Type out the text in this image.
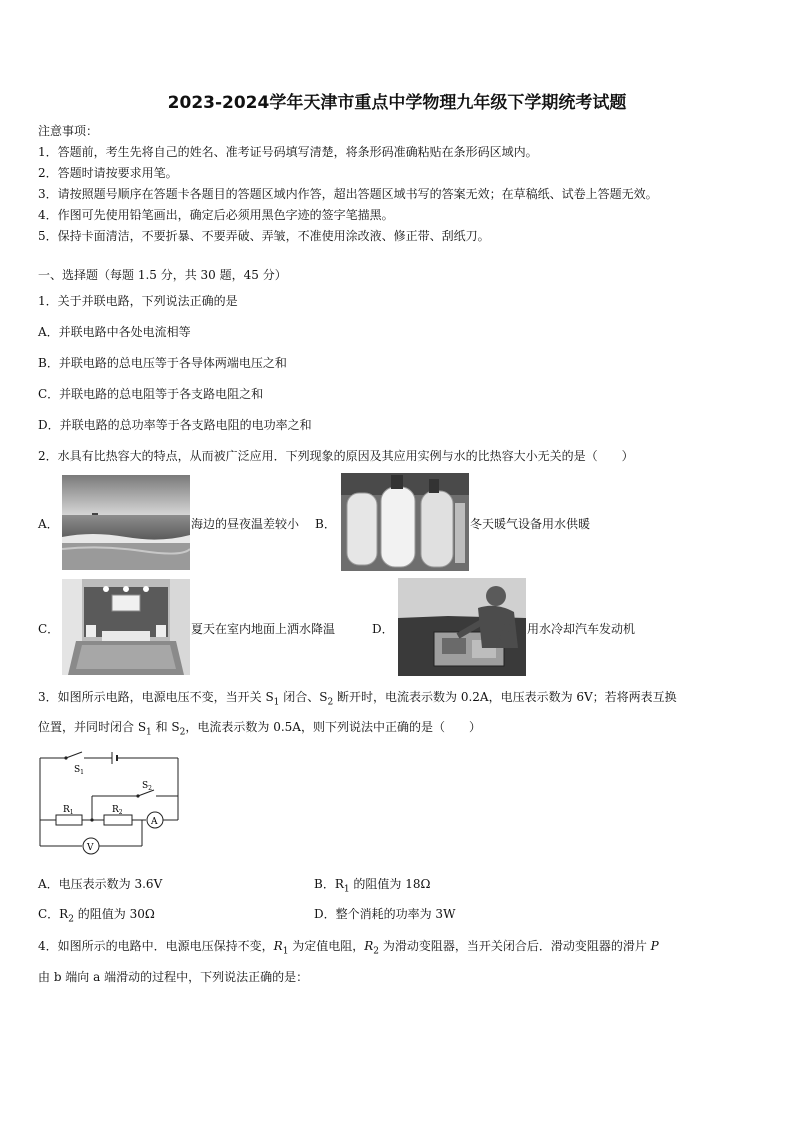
2023-2024学年天津市重点中学物理九年级下学期统考试题
注意事项：
1．答题前，考生先将自己的姓名、准考证号码填写清楚，将条形码准确粘贴在条形码区域内。
2．答题时请按要求用笔。
3．请按照题号顺序在答题卡各题目的答题区域内作答，超出答题区域书写的答案无效；在草稿纸、试卷上答题无效。
4．作图可先使用铅笔画出，确定后必须用黑色字迹的签字笔描黑。
5．保持卡面清洁，不要折暴、不要弄破、弄皱，不准使用涂改液、修正带、刮纸刀。
一、选择题（每题 1.5 分，共 30 题，45 分）
1．关于并联电路，下列说法正确的是
A．并联电路中各处电流相等
B．并联电路的总电压等于各导体两端电压之和
C．并联电路的总电阻等于各支路电阻之和
D．并联电路的总功率等于各支路电阻的电功率之和
2．水具有比热容大的特点，从而被广泛应用．下列现象的原因及其应用实例与水的比热容大小无关的是（　　）
A．	海边的昼夜温差较小 B．	冬天暖气设备用水供暖
C．	夏天在室内地面上洒水降温	D．	用水冷却汽车发动机
3．如图所示电路，电源电压不变，当开关 $S_1$ 闭合、$S_2$ 断开时，电流表示数为 0.2A，电压表示数为 6V；若将两表互换
位置，并同时闭合 $S_1$ 和 $S_2$，电流表示数为 0.5A，则下列说法中正确的是（　　）
$S_1$
$S_2$
$R_1$	$R_2$
A
V
A．电压表示数为 3.6V	B．$R_1$ 的阻值为 18Ω
C．$R_2$ 的阻值为 30Ω	D．整个消耗的功率为 3W
4．如图所示的电路中．电源电压保持不变，$R_1$ 为定值电阻，$R_2$ 为滑动变阻器，当开关闭合后．滑动变阻器的滑片 P
由 b 端向 a 端滑动的过程中，下列说法正确的是：
